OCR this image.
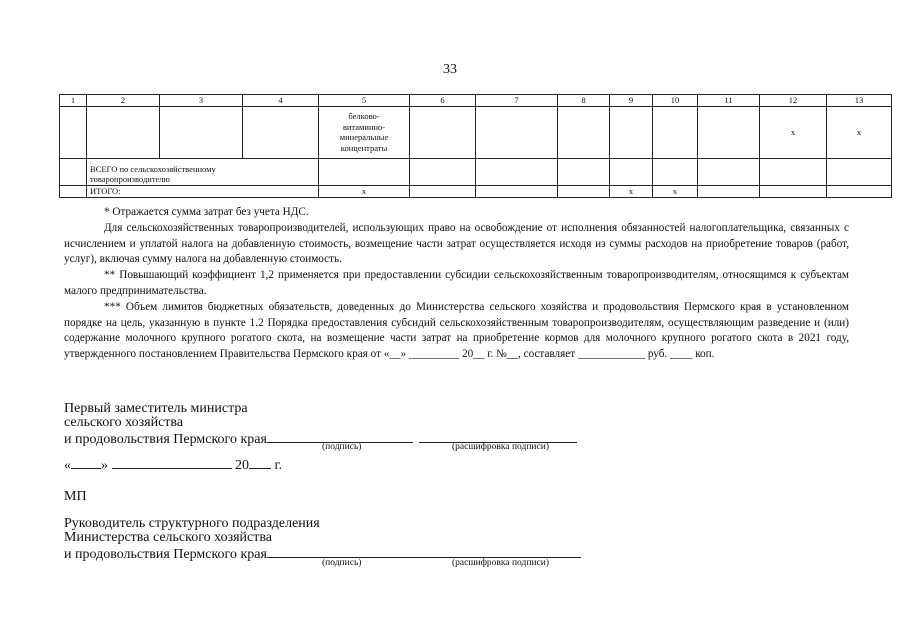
33
1	2	3	4	5	6	7	8	9	10	11	12	13

				белково-
витаминно-
минеральные
концентраты							х	х

	ВСЕГО по сельскохозяйственному
товаропроизводителю											

	ИТОГО:			х				х	х			

* Отражается сумма затрат без учета НДС.

Для сельскохозяйственных товаропроизводителей, использующих право на освобождение от исполнения обязанностей налогоплательщика, связанных с исчислением и уплатой налога на добавленную стоимость, возмещение части затрат осуществляется исходя из суммы расходов на приобретение товаров (работ, услуг), включая сумму налога на добавленную стоимость.

** Повышающий коэффициент 1,2 применяется при предоставлении субсидии сельскохозяйственным товаропроизводителям, относящимся к субъектам малого предпринимательства.

*** Объем лимитов бюджетных обязательств, доведенных до Министерства сельского хозяйства и продовольствия Пермского края в установленном порядке на цель, указанную в пункте 1.2 Порядка предоставления субсидий сельскохозяйственным товаропроизводителям, осуществляющим разведение и (или) содержание молочного крупного рогатого скота, на возмещение части затрат на приобретение кормов для молочного крупного рогатого скота в 2021 году, утвержденного постановлением Правительства Пермского края от «__» _________ 20__ г. №__, составляет ____________ руб. ____ коп.

Первый заместитель министра
сельского хозяйства
и продовольствия Пермского края	(подпись)	(расшифровка подписи)
« »	20 г.
МП
Руководитель структурного подразделения
Министерства сельского хозяйства
и продовольствия Пермского края
(подпись)	(расшифровка подписи)
